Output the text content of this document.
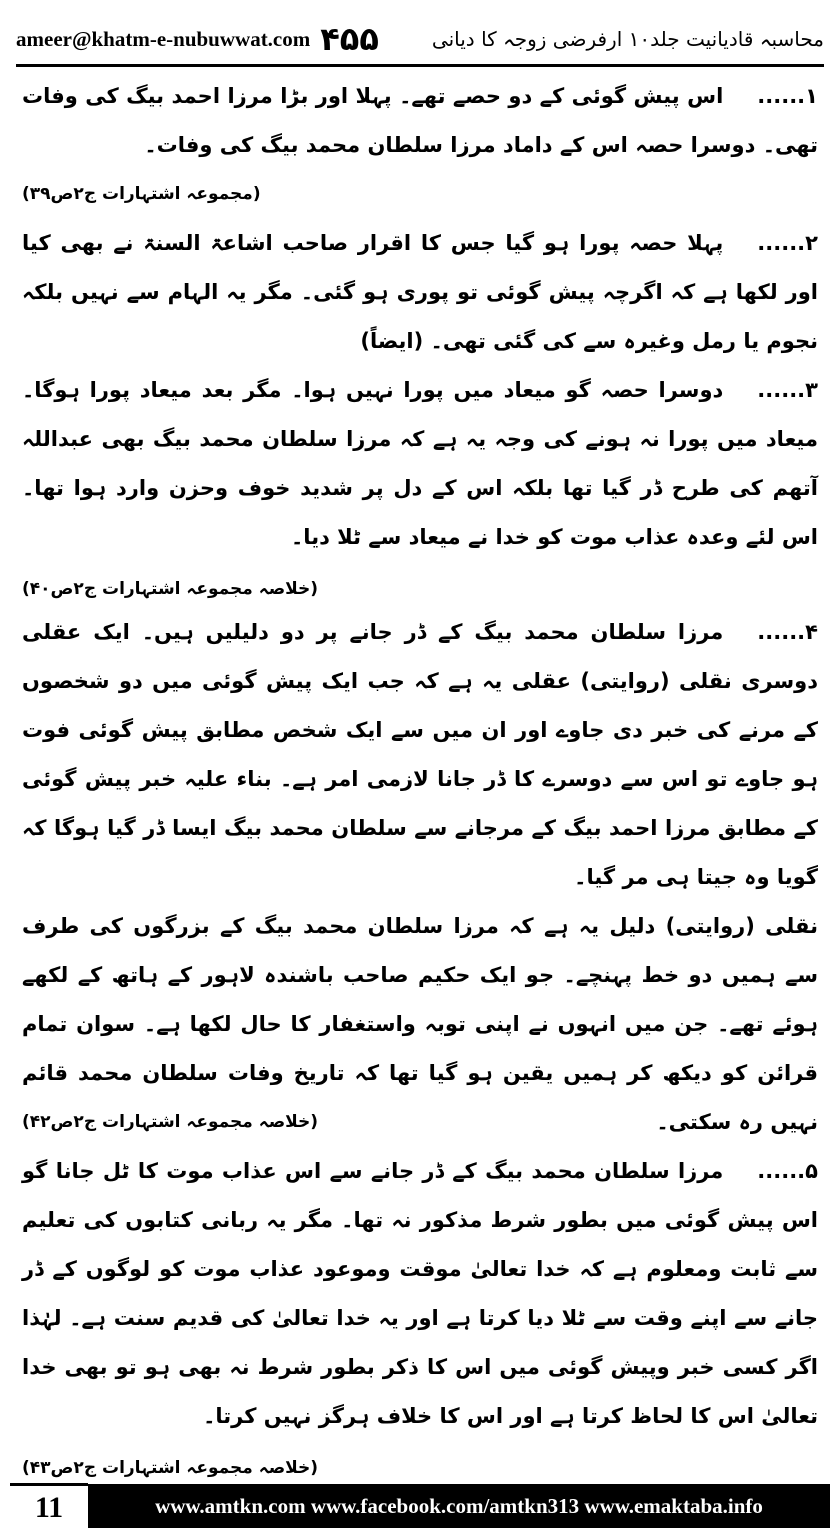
ameer@khatm-e-nubuwwat.com ۴۵۵	محاسبہ قادیانیت جلد۱۰ ارفرضی زوجہ کا دیانی

۱......اس پیش گوئی کے دو حصے تھے۔ پہلا اور بڑا مرزا احمد بیگ کی وفات تھی۔ دوسرا حصہ اس کے داماد مرزا سلطان محمد بیگ کی وفات۔
(مجموعہ اشتہارات ج۲ص۳۹)

۲......پہلا حصہ پورا ہو گیا جس کا اقرار صاحب اشاعۃ السنۃ نے بھی کیا اور لکھا ہے کہ اگرچہ پیش گوئی تو پوری ہو گئی۔ مگر یہ الہام سے نہیں بلکہ نجوم یا رمل وغیرہ سے کی گئی تھی۔ (ایضاً)

۳......دوسرا حصہ گو میعاد میں پورا نہیں ہوا۔ مگر بعد میعاد پورا ہوگا۔ میعاد میں پورا نہ ہونے کی وجہ یہ ہے کہ مرزا سلطان محمد بیگ بھی عبداللہ آتھم کی طرح ڈر گیا تھا بلکہ اس کے دل پر شدید خوف وحزن وارد ہوا تھا۔ اس لئے وعدہ عذاب موت کو خدا نے میعاد سے ٹلا دیا۔

(خلاصہ مجموعہ اشتہارات ج۲ص۴۰)

۴......مرزا سلطان محمد بیگ کے ڈر جانے پر دو دلیلیں ہیں۔ ایک عقلی دوسری نقلی (روایتی) عقلی یہ ہے کہ جب ایک پیش گوئی میں دو شخصوں کے مرنے کی خبر دی جاوے اور ان میں سے ایک شخص مطابق پیش گوئی فوت ہو جاوے تو اس سے دوسرے کا ڈر جانا لازمی امر ہے۔ بناء علیہ خبر پیش گوئی کے مطابق مرزا احمد بیگ کے مرجانے سے سلطان محمد بیگ ایسا ڈر گیا ہوگا کہ گویا وہ جیتا ہی مر گیا۔

نقلی (روایتی) دلیل یہ ہے کہ مرزا سلطان محمد بیگ کے بزرگوں کی طرف سے ہمیں دو خط پہنچے۔ جو ایک حکیم صاحب باشندہ لاہور کے ہاتھ کے لکھے ہوئے تھے۔ جن میں انہوں نے اپنی توبہ واستغفار کا حال لکھا ہے۔ سوان تمام قرائن کو دیکھ کر ہمیں یقین ہو گیا تھا کہ تاریخ وفات سلطان محمد قائم نہیں رہ سکتی۔
(خلاصہ مجموعہ اشتہارات ج۲ص۴۲)

۵......مرزا سلطان محمد بیگ کے ڈر جانے سے اس عذاب موت کا ٹل جانا گو اس پیش گوئی میں بطور شرط مذکور نہ تھا۔ مگر یہ ربانی کتابوں کی تعلیم سے ثابت ومعلوم ہے کہ خدا تعالیٰ موقت وموعود عذاب موت کو لوگوں کے ڈر جانے سے اپنے وقت سے ٹلا دیا کرتا ہے اور یہ خدا تعالیٰ کی قدیم سنت ہے۔ لہٰذا اگر کسی خبر وپیش گوئی میں اس کا ذکر بطور شرط نہ بھی ہو تو بھی خدا تعالیٰ اس کا لحاظ کرتا ہے اور اس کا خلاف ہرگز نہیں کرتا۔

(خلاصہ مجموعہ اشتہارات ج۲ص۴۳)

11	www.amtkn.com www.facebook.com/amtkn313 www.emaktaba.info
